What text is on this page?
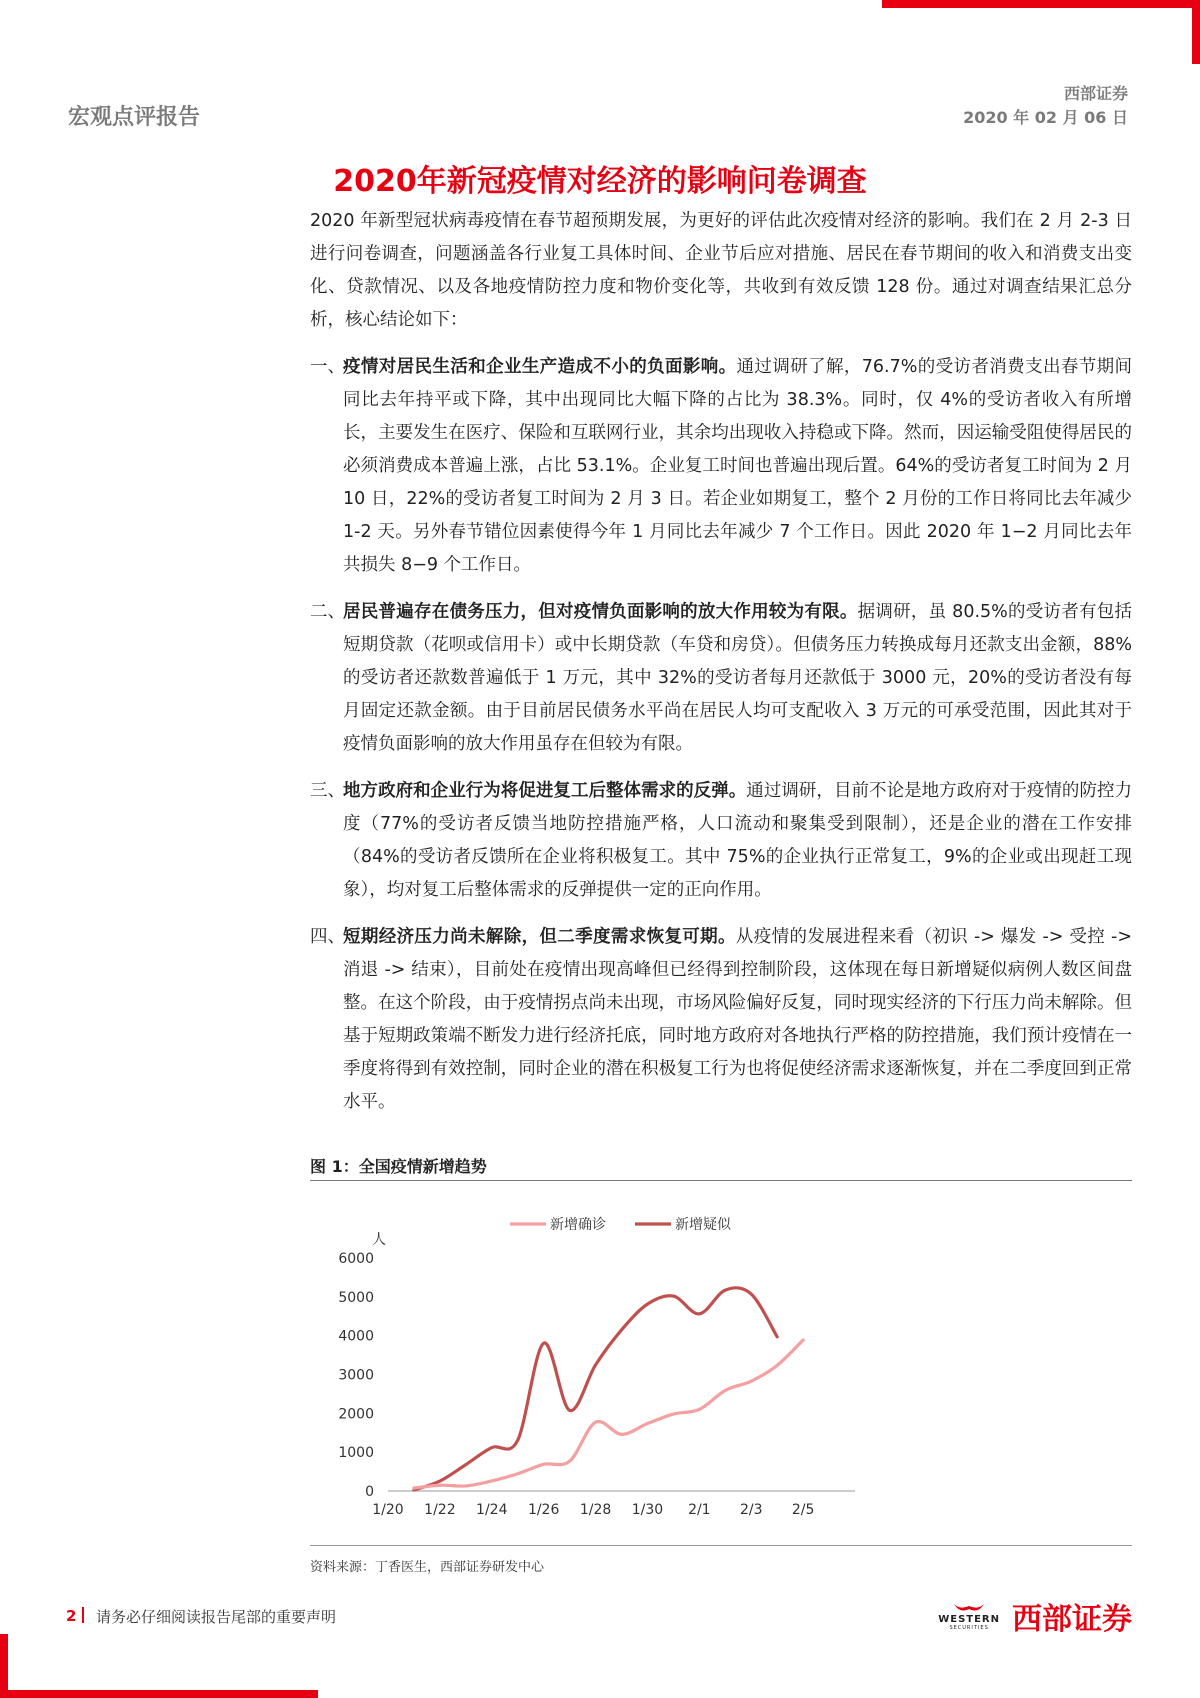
宏观点评报告
西部证券
2020 年 02 月 06 日
2020年新冠疫情对经济的影响问卷调查

2020 年新型冠状病毒疫情在春节超预期发展，为更好的评估此次疫情对经济的影响。我们在 2 月 2-3 日进行问卷调查，问题涵盖各行业复工具体时间、企业节后应对措施、居民在春节期间的收入和消费支出变化、贷款情况、以及各地疫情防控力度和物价变化等，共收到有效反馈 128 份。通过对调查结果汇总分析，核心结论如下：

一、
疫情对居民生活和企业生产造成不小的负面影响。通过调研了解，76.7%的受访者消费支出春节期间同比去年持平或下降，其中出现同比大幅下降的占比为 38.3%。同时，仅 4%的受访者收入有所增长，主要发生在医疗、保险和互联网行业，其余均出现收入持稳或下降。然而，因运输受阻使得居民的必须消费成本普遍上涨，占比 53.1%。企业复工时间也普遍出现后置。64%的受访者复工时间为 2 月 10 日，22%的受访者复工时间为 2 月 3 日。若企业如期复工，整个 2 月份的工作日将同比去年减少 1-2 天。另外春节错位因素使得今年 1 月同比去年减少 7 个工作日。因此 2020 年 1−2 月同比去年共损失 8−9 个工作日。
二、
居民普遍存在债务压力，但对疫情负面影响的放大作用较为有限。据调研，虽 80.5%的受访者有包括短期贷款（花呗或信用卡）或中长期贷款（车贷和房贷）。但债务压力转换成每月还款支出金额，88%的受访者还款数普遍低于 1 万元，其中 32%的受访者每月还款低于 3000 元，20%的受访者没有每月固定还款金额。由于目前居民债务水平尚在居民人均可支配收入 3 万元的可承受范围，因此其对于疫情负面影响的放大作用虽存在但较为有限。
三、
地方政府和企业行为将促进复工后整体需求的反弹。通过调研，目前不论是地方政府对于疫情的防控力度（77%的受访者反馈当地防控措施严格，人口流动和聚集受到限制），还是企业的潜在工作安排（84%的受访者反馈所在企业将积极复工。其中 75%的企业执行正常复工，9%的企业或出现赶工现象），均对复工后整体需求的反弹提供一定的正向作用。
四、
短期经济压力尚未解除，但二季度需求恢复可期。从疫情的发展进程来看（初识 -> 爆发 -> 受控 -> 消退 -> 结束），目前处在疫情出现高峰但已经得到控制阶段，这体现在每日新增疑似病例人数区间盘整。在这个阶段，由于疫情拐点尚未出现，市场风险偏好反复，同时现实经济的下行压力尚未解除。但基于短期政策端不断发力进行经济托底，同时地方政府对各地执行严格的防控措施，我们预计疫情在一季度将得到有效控制，同时企业的潜在积极复工行为也将促使经济需求逐渐恢复，并在二季度回到正常水平。
图 1：全国疫情新增趋势
人
0
1000
2000
3000
4000
5000
6000
1/20 1/22 1/24 1/26 1/28 1/30 2/1 2/3 2/5
新增确诊	新增疑似
资料来源：丁香医生，西部证券研发中心
2 请务必仔细阅读报告尾部的重要声明	WESTERN
SECURITIES 西部证券
